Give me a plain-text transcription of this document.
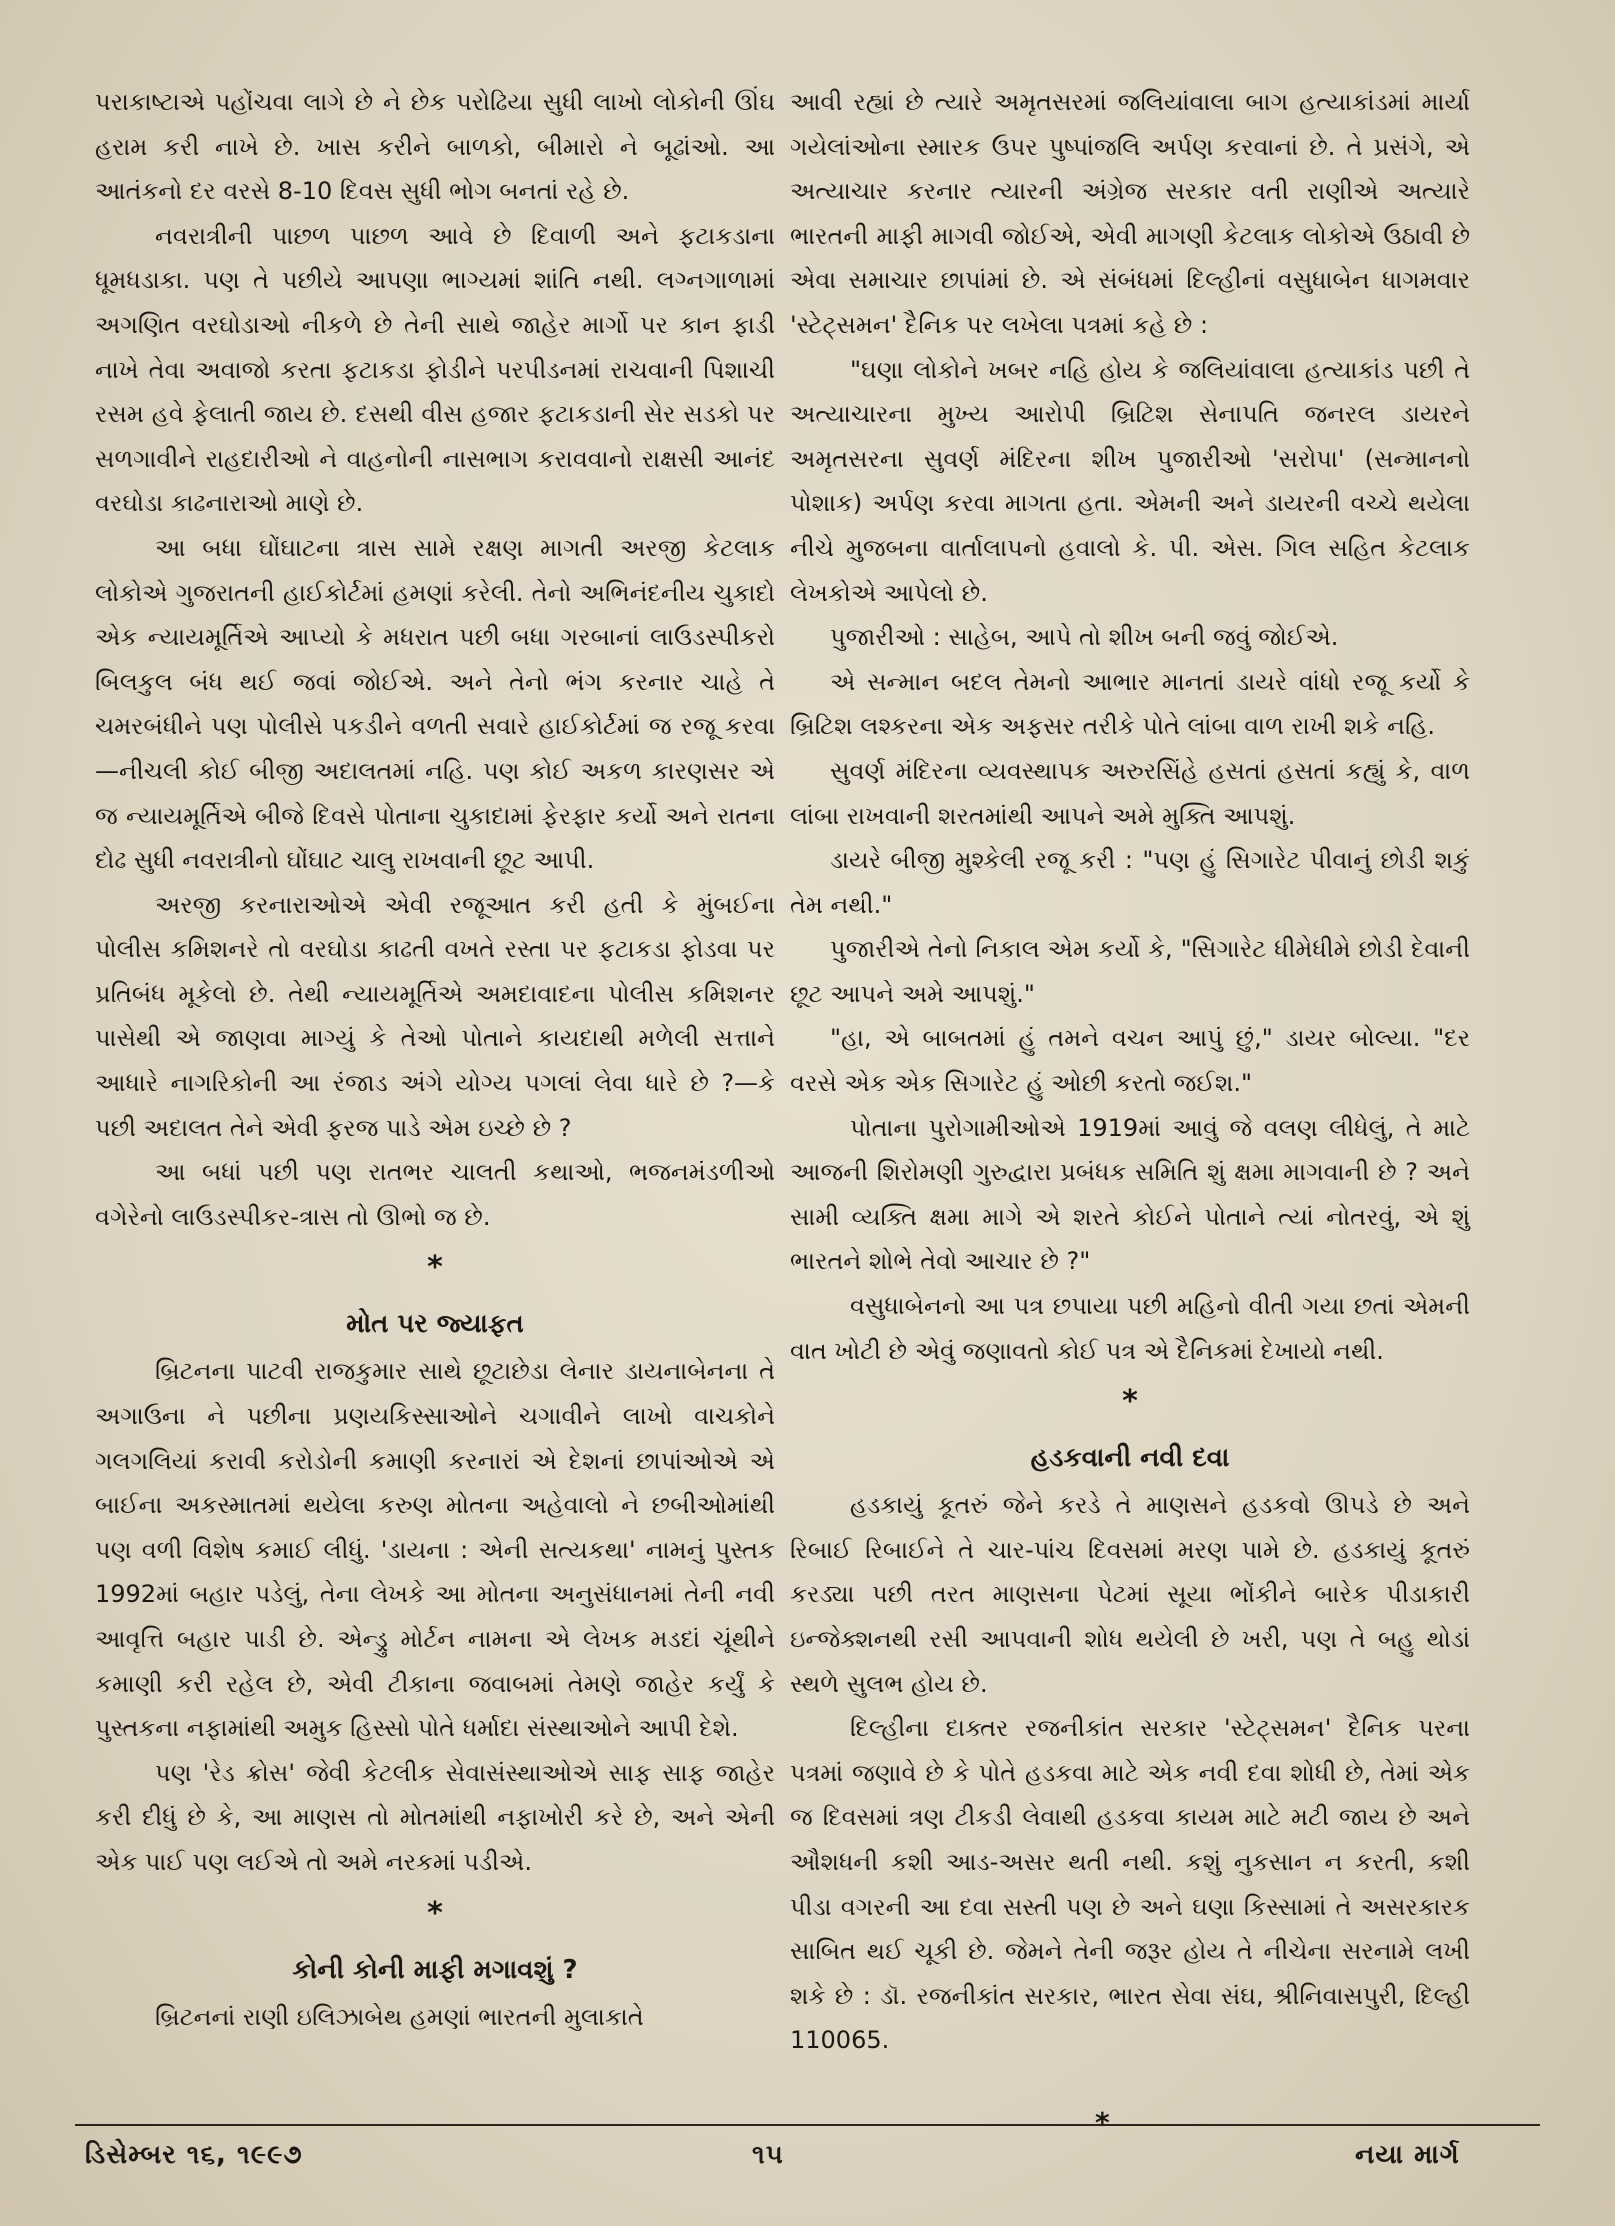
પરાકાષ્ટાએ પહોંચવા લાગે છે ને છેક પરોઢિયા સુધી લાખો લોકોની ઊંઘ હરામ કરી નાખે છે. ખાસ કરીને બાળકો, બીમારો ને બૂઢાંઓ. આ આતંકનો દર વરસે 8-10 દિવસ સુધી ભોગ બનતાં રહે છે.

નવરાત્રીની પાછળ પાછળ આવે છે દિવાળી અને ફટાકડાના ધૂમધડાકા. પણ તે પછીયે આપણા ભાગ્યમાં શાંતિ નથી. લગ્નગાળામાં અગણિત વરઘોડાઓ નીકળે છે તેની સાથે જાહેર માર્ગો પર કાન ફાડી નાખે તેવા અવાજો કરતા ફટાકડા ફોડીને પરપીડનમાં રાચવાની પિશાચી રસમ હવે ફેલાતી જાય છે. દસથી વીસ હજાર ફટાકડાની સેર સડકો પર સળગાવીને રાહદારીઓ ને વાહનોની નાસભાગ કરાવવાનો રાક્ષસી આનંદ વરઘોડા કાઢનારાઓ માણે છે.

આ બધા ઘોંઘાટના ત્રાસ સામે રક્ષણ માગતી અરજી કેટલાક લોકોએ ગુજરાતની હાઈકોર્ટમાં હમણાં કરેલી. તેનો અભિનંદનીય ચુકાદો એક ન્યાયમૂર્તિએ આપ્યો કે મધરાત પછી બધા ગરબાનાં લાઉડસ્પીકરો બિલકુલ બંધ થઈ જવાં જોઈએ. અને તેનો ભંગ કરનાર ચાહે તે ચમરબંધીને પણ પોલીસે પકડીને વળતી સવારે હાઈકોર્ટમાં જ રજૂ કરવા—નીચલી કોઈ બીજી અદાલતમાં નહિ. પણ કોઈ અકળ કારણસર એ જ ન્યાયમૂર્તિએ બીજે દિવસે પોતાના ચુકાદામાં ફેરફાર કર્યો અને રાતના દોઢ સુધી નવરાત્રીનો ઘોંઘાટ ચાલુ રાખવાની છૂટ આપી.

અરજી કરનારાઓએ એવી રજૂઆત કરી હતી કે મુંબઈના પોલીસ કમિશનરે તો વરઘોડા કાઢતી વખતે રસ્તા પર ફટાકડા ફોડવા પર પ્રતિબંધ મૂકેલો છે. તેથી ન્યાયમૂર્તિએ અમદાવાદના પોલીસ કમિશનર પાસેથી એ જાણવા માગ્યું કે તેઓ પોતાને કાયદાથી મળેલી સત્તાને આધારે નાગરિકોની આ રંજાડ અંગે યોગ્ય પગલાં લેવા ધારે છે ?—કે પછી અદાલત તેને એવી ફરજ પાડે એમ ઇચ્છે છે ?

આ બધાં પછી પણ રાતભર ચાલતી કથાઓ, ભજનમંડળીઓ વગેરેનો લાઉડસ્પીકર-ત્રાસ તો ઊભો જ છે.

*
મોત પર જ્યાફત

બ્રિટનના પાટવી રાજકુમાર સાથે છૂટાછેડા લેનાર ડાયનાબેનના તે અગાઉના ને પછીના પ્રણયકિસ્સાઓને ચગાવીને લાખો વાચકોને ગલગલિયાં કરાવી કરોડોની કમાણી કરનારાં એ દેશનાં છાપાંઓએ એ બાઈના અકસ્માતમાં થયેલા કરુણ મોતના અહેવાલો ને છબીઓમાંથી પણ વળી વિશેષ કમાઈ લીધું. 'ડાયના : એની સત્યકથા' નામનું પુસ્તક 1992માં બહાર પડેલું, તેના લેખકે આ મોતના અનુસંધાનમાં તેની નવી આવૃત્તિ બહાર પાડી છે. એન્ડ્રુ મોર્ટન નામના એ લેખક મડદાં ચૂંથીને કમાણી કરી રહેલ છે, એવી ટીકાના જવાબમાં તેમણે જાહેર કર્યું કે પુસ્તકના નફામાંથી અમુક હિસ્સો પોતે ધર્માદા સંસ્થાઓને આપી દેશે.

પણ 'રેડ ક્રોસ' જેવી કેટલીક સેવાસંસ્થાઓએ સાફ સાફ જાહેર કરી દીધું છે કે, આ માણસ તો મોતમાંથી નફાખોરી કરે છે, અને એની એક પાઈ પણ લઈએ તો અમે નરકમાં પડીએ.

*
કોની કોની માફી મગાવશું ?

બ્રિટનનાં રાણી ઇલિઝાબેથ હમણાં ભારતની મુલાકાતે

આવી રહ્યાં છે ત્યારે અમૃતસરમાં જલિયાંવાલા બાગ હત્યાકાંડમાં માર્યા ગયેલાંઓના સ્મારક ઉપર પુષ્પાંજલિ અર્પણ કરવાનાં છે. તે પ્રસંગે, એ અત્યાચાર કરનાર ત્યારની અંગ્રેજ સરકાર વતી રાણીએ અત્યારે ભારતની માફી માગવી જોઈએ, એવી માગણી કેટલાક લોકોએ ઉઠાવી છે એવા સમાચાર છાપાંમાં છે. એ સંબંધમાં દિલ્હીનાં વસુધાબેન ધાગમવાર 'સ્ટેટ્સમન' દૈનિક પર લખેલા પત્રમાં કહે છે :

"ઘણા લોકોને ખબર નહિ હોય કે જલિયાંવાલા હત્યાકાંડ પછી તે અત્યાચારના મુખ્ય આરોપી બ્રિટિશ સેનાપતિ જનરલ ડાયરને અમૃતસરના સુવર્ણ મંદિરના શીખ પુજારીઓ 'સરોપા' (સન્માનનો પોશાક) અર્પણ કરવા માગતા હતા. એમની અને ડાયરની વચ્ચે થયેલા નીચે મુજબના વાર્તાલાપનો હવાલો કે. પી. એસ. ગિલ સહિત કેટલાક લેખકોએ આપેલો છે.

પુજારીઓ : સાહેબ, આપે તો શીખ બની જવું જોઈએ.

એ સન્માન બદલ તેમનો આભાર માનતાં ડાયરે વાંધો રજૂ કર્યો કે બ્રિટિશ લશ્કરના એક અફસર તરીકે પોતે લાંબા વાળ રાખી શકે નહિ.

સુવર્ણ મંદિરના વ્યવસ્થાપક અરુરસિંહે હસતાં હસતાં કહ્યું કે, વાળ લાંબા રાખવાની શરતમાંથી આપને અમે મુક્તિ આપશું.

ડાયરે બીજી મુશ્કેલી રજૂ કરી : "પણ હું સિગારેટ પીવાનું છોડી શકું તેમ નથી."

પુજારીએ તેનો નિકાલ એમ કર્યો કે, "સિગારેટ ધીમેધીમે છોડી દેવાની છૂટ આપને અમે આપશું."

"હા, એ બાબતમાં હું તમને વચન આપું છું," ડાયર બોલ્યા. "દર વરસે એક એક સિગારેટ હું ઓછી કરતો જઈશ."

પોતાના પુરોગામીઓએ 1919માં આવું જે વલણ લીધેલું, તે માટે આજની શિરોમણી ગુરુદ્વારા પ્રબંધક સમિતિ શું ક્ષમા માગવાની છે ? અને સામી વ્યક્તિ ક્ષમા માગે એ શરતે કોઈને પોતાને ત્યાં નોતરવું, એ શું ભારતને શોભે તેવો આચાર છે ?"

વસુધાબેનનો આ પત્ર છપાયા પછી મહિનો વીતી ગયા છતાં એમની વાત ખોટી છે એવું જણાવતો કોઈ પત્ર એ દૈનિકમાં દેખાયો નથી.

*
હડકવાની નવી દવા

હડકાયું કૂતરું જેને કરડે તે માણસને હડકવો ઊપડે છે અને રિબાઈ રિબાઈને તે ચાર-પાંચ દિવસમાં મરણ પામે છે. હડકાયું કૂતરું કરડ્યા પછી તરત માણસના પેટમાં સૂયા ભોંકીને બારેક પીડાકારી ઇન્જેક્શનથી રસી આપવાની શોધ થયેલી છે ખરી, પણ તે બહુ થોડાં સ્થળે સુલભ હોય છે.

દિલ્હીના દાક્તર રજનીકાંત સરકાર 'સ્ટેટ્સમન' દૈનિક પરના પત્રમાં જણાવે છે કે પોતે હડકવા માટે એક નવી દવા શોધી છે, તેમાં એક જ દિવસમાં ત્રણ ટીકડી લેવાથી હડકવા કાયમ માટે મટી જાય છે અને ઔશધની કશી આડ-અસર થતી નથી. કશું નુકસાન ન કરતી, કશી પીડા વગરની આ દવા સસ્તી પણ છે અને ઘણા કિસ્સામાં તે અસરકારક સાબિત થઈ ચૂકી છે. જેમને તેની જરૂર હોય તે નીચેના સરનામે લખી શકે છે : ડૉ. રજનીકાંત સરકાર, ભારત સેવા સંઘ, શ્રીનિવાસપુરી, દિલ્હી 110065.

*
ડિસેમ્બર ૧૬, ૧૯૯૭	૧૫	નયા માર્ગ
